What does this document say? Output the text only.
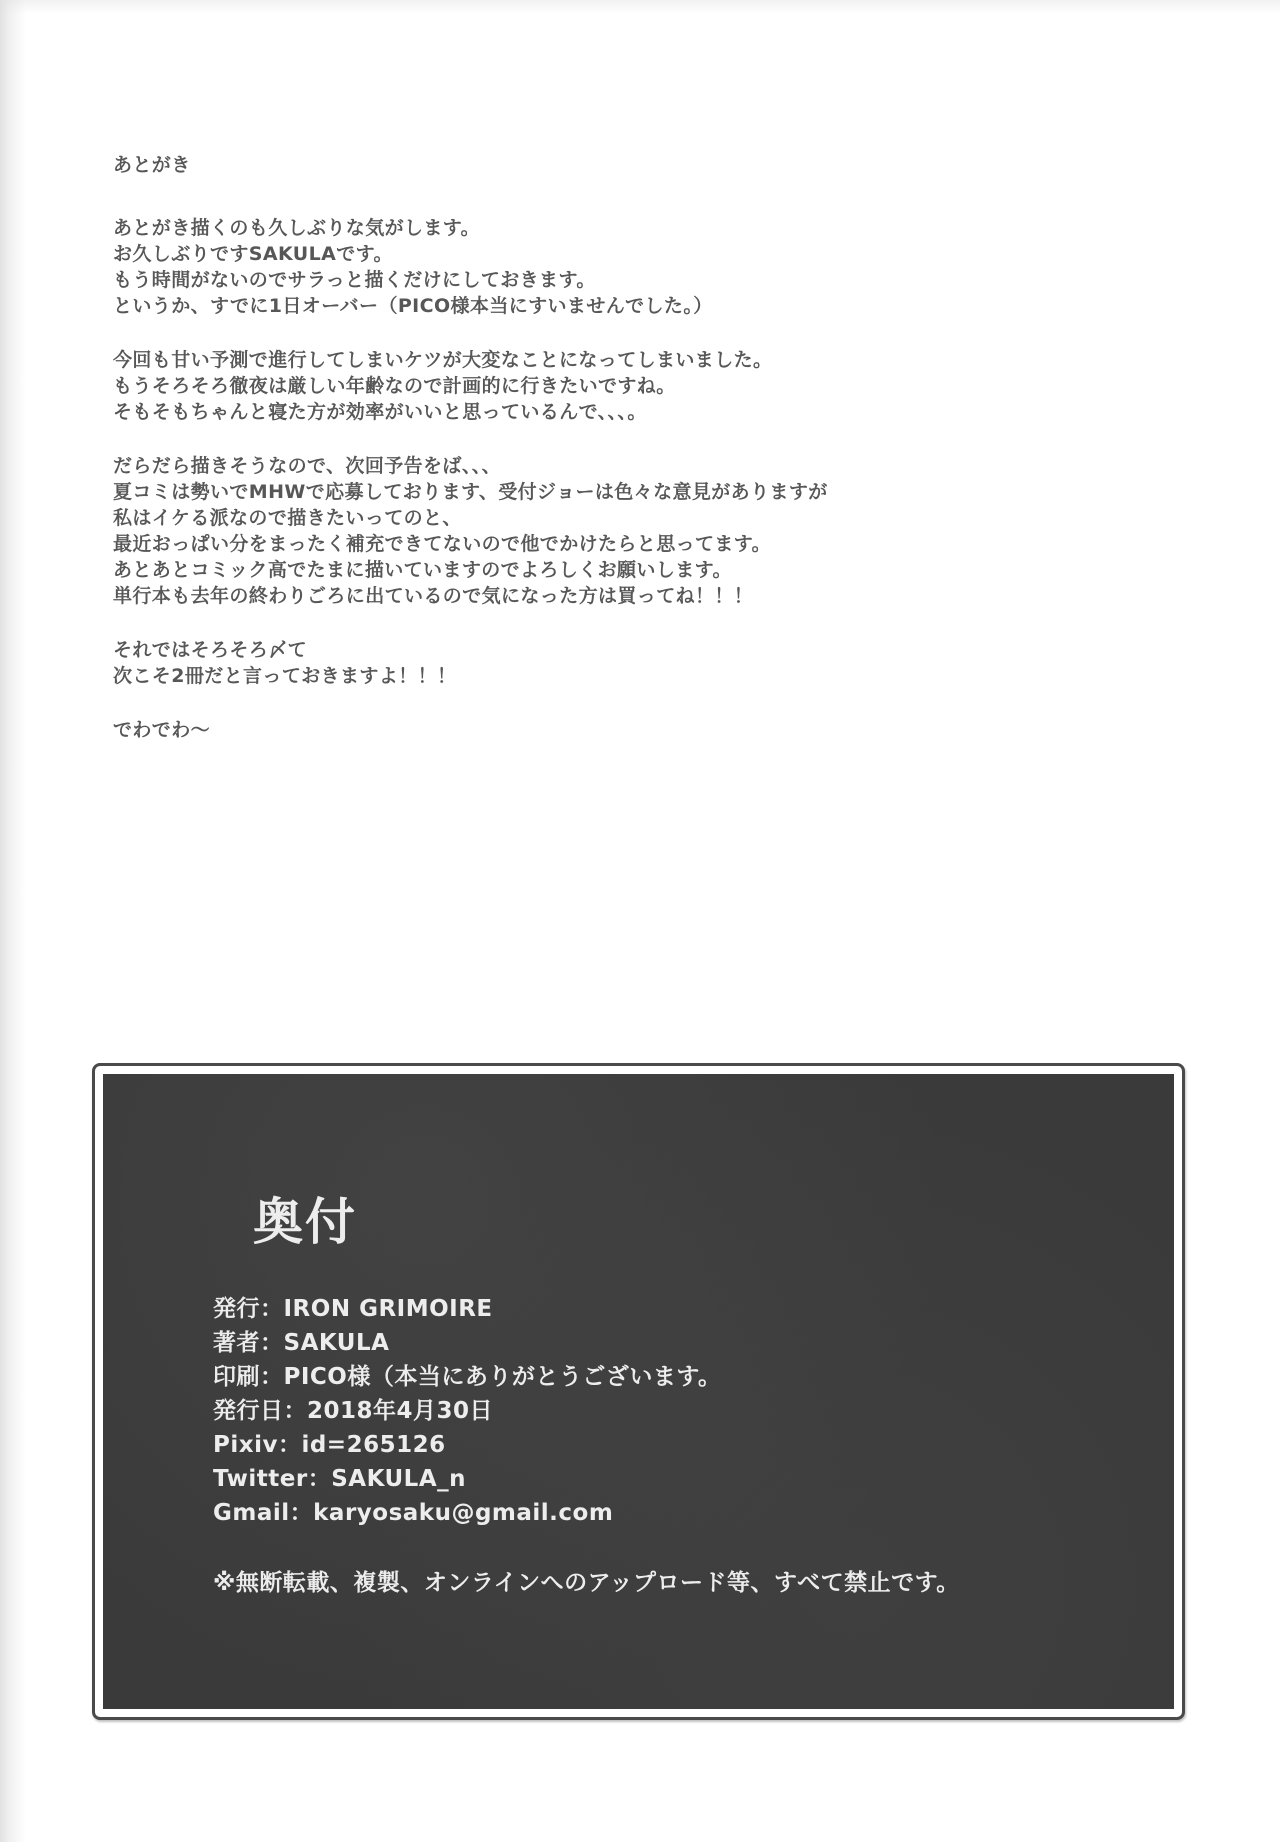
あとがき
あとがき描くのも久しぶりな気がします。
お久しぶりですSAKULAです。
もう時間がないのでサラっと描くだけにしておきます。
というか、すでに1日オーバー（PICO様本当にすいませんでした。）
今回も甘い予測で進行してしまいケツが大変なことになってしまいました。
もうそろそろ徹夜は厳しい年齢なので計画的に行きたいですね。
そもそもちゃんと寝た方が効率がいいと思っているんで、、、。
だらだら描きそうなので、次回予告をば、、、
夏コミは勢いでMHWで応募しております、受付ジョーは色々な意見がありますが
私はイケる派なので描きたいってのと、
最近おっぱい分をまったく補充できてないので他でかけたらと思ってます。
あとあとコミック高でたまに描いていますのでよろしくお願いします。
単行本も去年の終わりごろに出ているので気になった方は買ってね！！！
それではそろそろ〆て
次こそ2冊だと言っておきますよ！！！
でわでわ〜
奥付
発行：IRON GRIMOIRE
著者：SAKULA
印刷：PICO様（本当にありがとうございます。
発行日：2018年4月30日
Pixiv：id=265126
Twitter：SAKULA_n
Gmail：karyosaku@gmail.com
※無断転載、複製、オンラインへのアップロード等、すべて禁止です。
